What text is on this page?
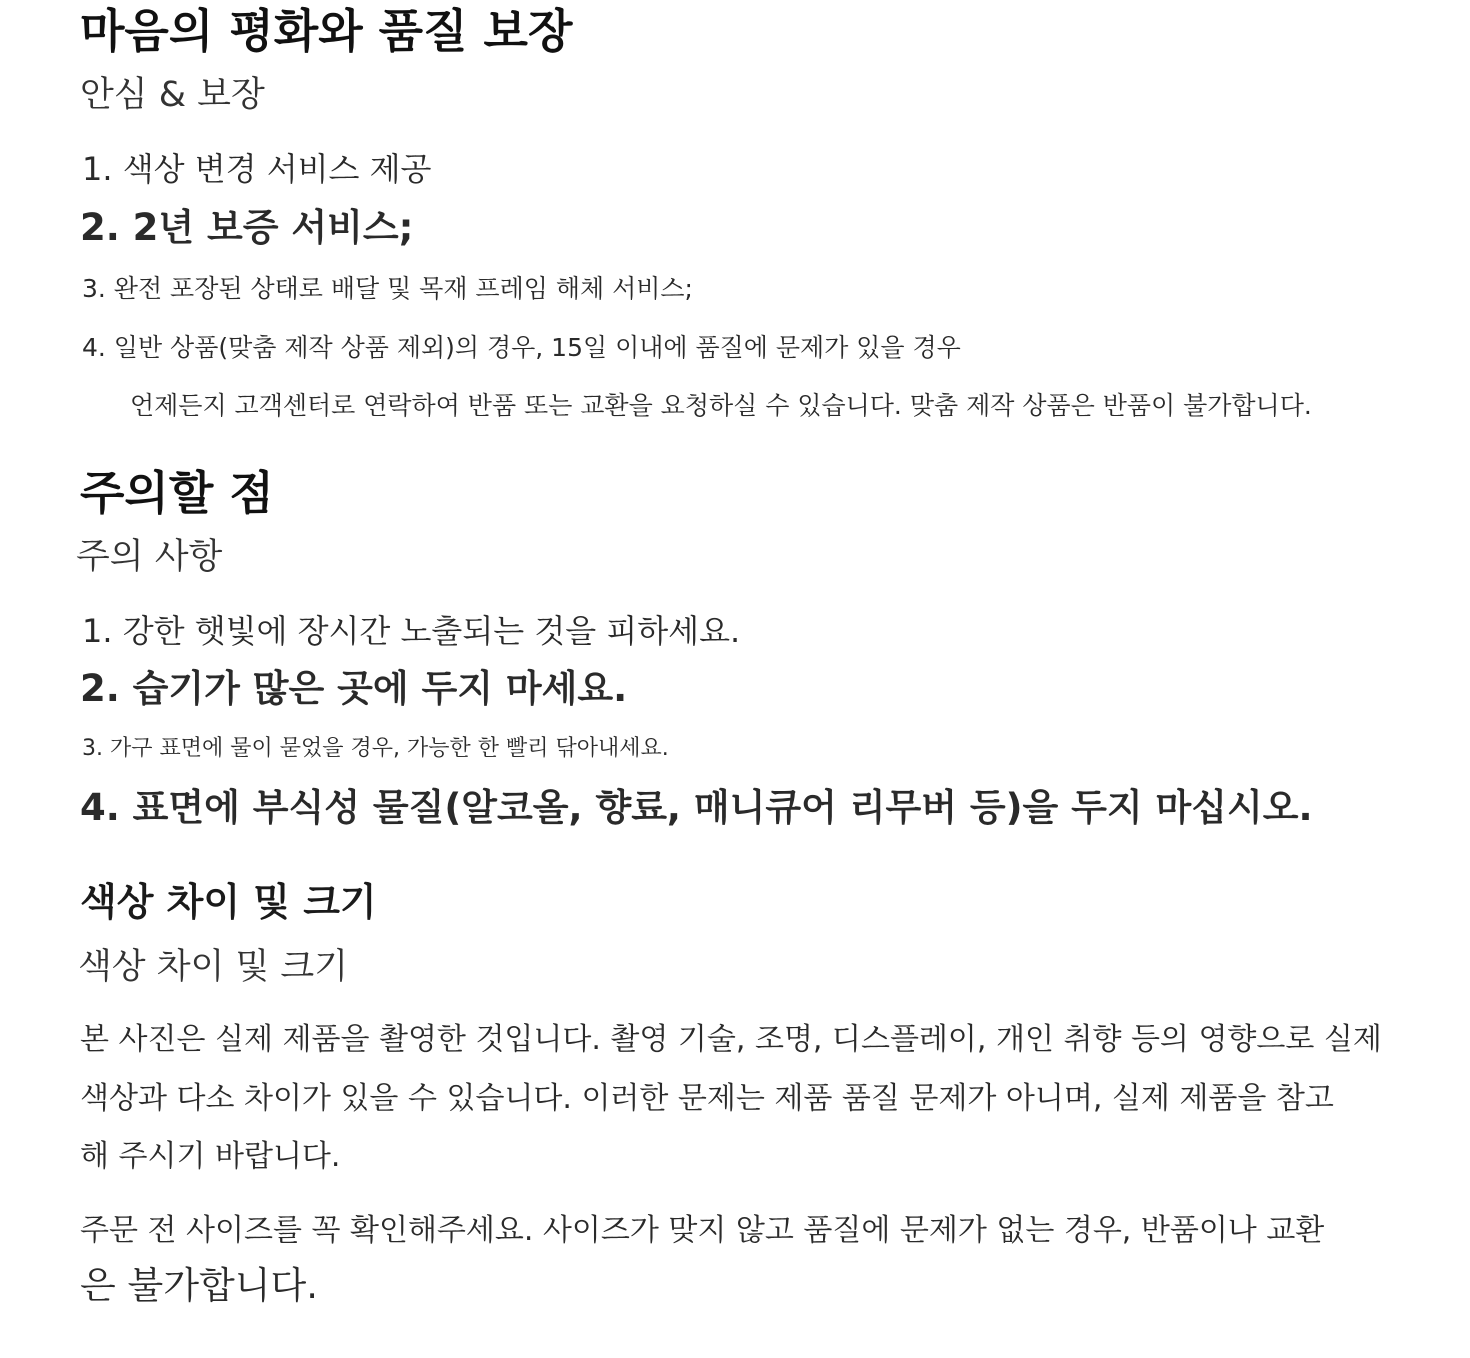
마음의 평화와 품질 보장
안심 & 보장
1. 색상 변경 서비스 제공
2. 2년 보증 서비스;
3. 완전 포장된 상태로 배달 및 목재 프레임 해체 서비스;
4. 일반 상품(맞춤 제작 상품 제외)의 경우, 15일 이내에 품질에 문제가 있을 경우
언제든지 고객센터로 연락하여 반품 또는 교환을 요청하실 수 있습니다. 맞춤 제작 상품은 반품이 불가합니다.
주의할 점
주의 사항
1. 강한 햇빛에 장시간 노출되는 것을 피하세요.
2. 습기가 많은 곳에 두지 마세요.
3. 가구 표면에 물이 묻었을 경우, 가능한 한 빨리 닦아내세요.
4. 표면에 부식성 물질(알코올, 향료, 매니큐어 리무버 등)을 두지 마십시오.
색상 차이 및 크기
색상 차이 및 크기
본 사진은 실제 제품을 촬영한 것입니다. 촬영 기술, 조명, 디스플레이, 개인 취향 등의 영향으로 실제
색상과 다소 차이가 있을 수 있습니다. 이러한 문제는 제품 품질 문제가 아니며, 실제 제품을 참고
해 주시기 바랍니다.
주문 전 사이즈를 꼭 확인해주세요. 사이즈가 맞지 않고 품질에 문제가 없는 경우, 반품이나 교환
은 불가합니다.
